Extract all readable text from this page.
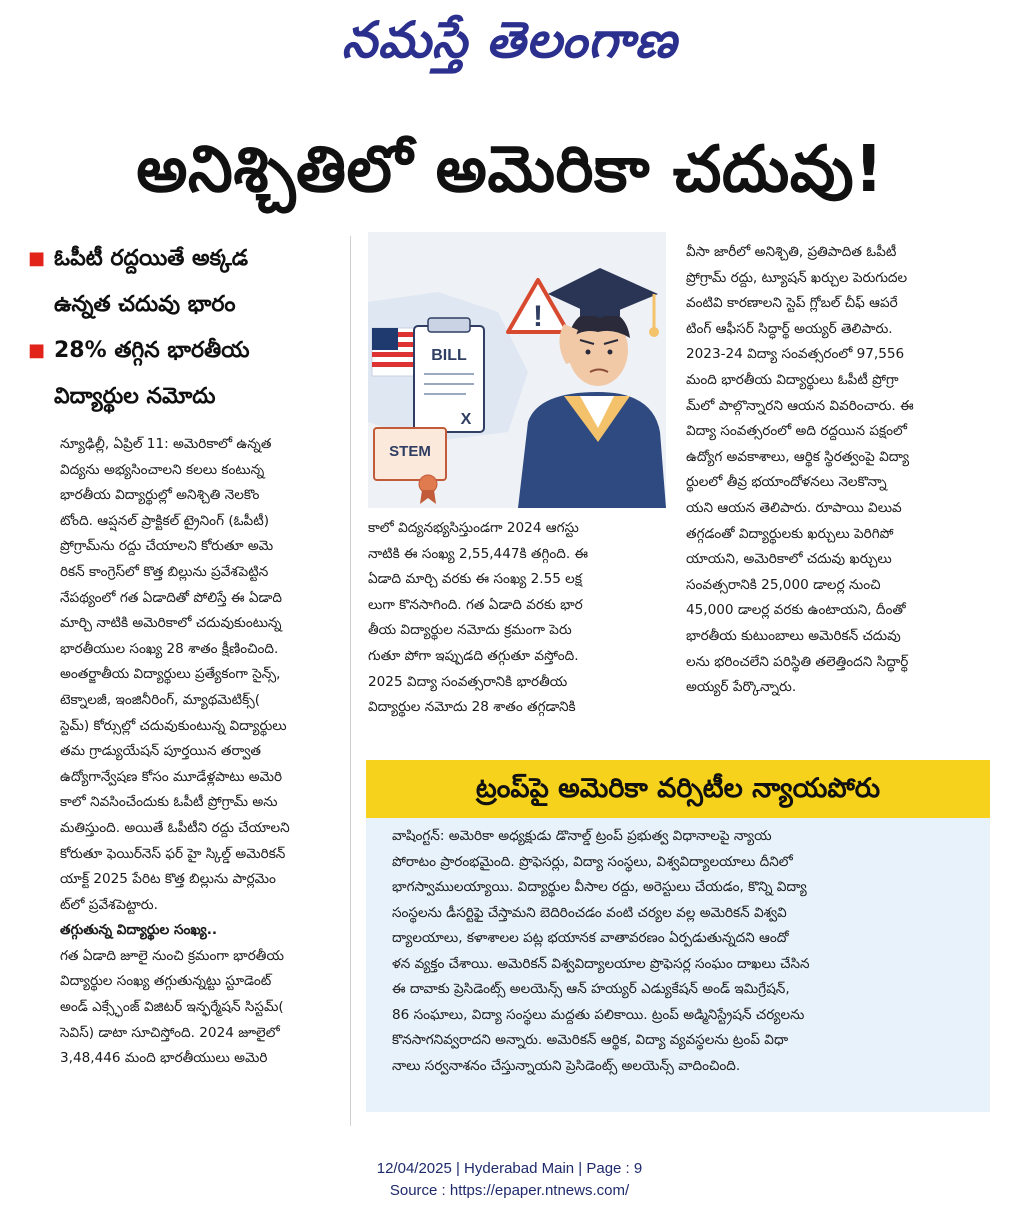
నమస్తే తెలంగాణ
అనిశ్చితిలో అమెరికా చదువు!
■ ఓపీటీ రద్దయితే అక్కడ
ఉన్నత చదువు భారం
■ 28% తగ్గిన భారతీయ
విద్యార్థుల నమోదు
BILL
X
STEM
!

న్యూఢిల్లీ, ఏప్రిల్ 11: అమెరికాలో ఉన్నత

విద్యను అభ్యసించాలని కలలు కంటున్న

భారతీయ విద్యార్థుల్లో అనిశ్చితి నెలకొం

టోంది. ఆప్షనల్ ప్రాక్టికల్ ట్రైనింగ్ (ఓపీటీ)

ప్రోగ్రామ్‌ను రద్దు చేయాలని కోరుతూ అమె

రికన్ కాంగ్రెస్‌లో కొత్త బిల్లును ప్రవేశపెట్టిన

నేపథ్యంలో గత ఏడాదితో పోలిస్తే ఈ ఏడాది

మార్చి నాటికి అమెరికాలో చదువుకుంటున్న

భారతీయుల సంఖ్య 28 శాతం క్షీణించింది.

అంతర్జాతీయ విద్యార్థులు ప్రత్యేకంగా సైన్స్,

టెక్నాలజీ, ఇంజినీరింగ్, మ్యాథమెటిక్స్(

స్టెమ్) కోర్సుల్లో చదువుకుంటున్న విద్యార్థులు

తమ గ్రాడ్యుయేషన్ పూర్తయిన తర్వాత

ఉద్యోగాన్వేషణ కోసం మూడేళ్లపాటు అమెరి

కాలో నివసించేందుకు ఓపీటీ ప్రోగ్రామ్ అను

మతిస్తుంది. అయితే ఓపీటీని రద్దు చేయాలని

కోరుతూ ఫెయిర్‌నెస్ ఫర్ హై స్కిల్డ్ అమెరికన్

యాక్ట్ 2025 పేరిట కొత్త బిల్లును పార్లమెం

ట్‌లో ప్రవేశపెట్టారు.

తగ్గుతున్న విద్యార్థుల సంఖ్య..

గత ఏడాది జూలై నుంచి క్రమంగా భారతీయ

విద్యార్థుల సంఖ్య తగ్గుతున్నట్టు స్టూడెంట్

అండ్ ఎక్స్ఛేంజ్ విజిటర్ ఇన్ఫర్మేషన్ సిస్టమ్(

సెవిస్) డాటా సూచిస్తోంది. 2024 జూలైలో

3,48,446 మంది భారతీయులు అమెరి

కాలో విద్యనభ్యసిస్తుండగా 2024 ఆగస్టు

నాటికి ఈ సంఖ్య 2,55,447కి తగ్గింది. ఈ

ఏడాది మార్చి వరకు ఈ సంఖ్య 2.55 లక్ష

లుగా కొనసాగింది. గత ఏడాది వరకు భార

తీయ విద్యార్థుల నమోదు క్రమంగా పెరు

గుతూ పోగా ఇప్పుడది తగ్గుతూ వస్తోంది.

2025 విద్యా సంవత్సరానికి భారతీయ

విద్యార్థుల నమోదు 28 శాతం తగ్గడానికి

వీసా జారీలో అనిశ్చితి, ప్రతిపాదిత ఓపీటీ

ప్రోగ్రామ్ రద్దు, ట్యూషన్ ఖర్చుల పెరుగుదల

వంటివి కారణాలని స్టెప్ గ్లోబల్ చీఫ్ ఆపరే

టింగ్ ఆఫీసర్ సిద్ధార్థ్ అయ్యర్ తెలిపారు.

2023-24 విద్యా సంవత్సరంలో 97,556

మంది భారతీయ విద్యార్థులు ఓపీటీ ప్రోగ్రా

మ్‌లో పాల్గొన్నారని ఆయన వివరించారు. ఈ

విద్యా సంవత్సరంలో అది రద్దయిన పక్షంలో

ఉద్యోగ అవకాశాలు, ఆర్థిక స్థిరత్వంపై విద్యా

ర్థులలో తీవ్ర భయాందోళనలు నెలకొన్నా

యని ఆయన తెలిపారు. రూపాయి విలువ

తగ్గడంతో విద్యార్థులకు ఖర్చులు పెరిగిపో

యాయని, అమెరికాలో చదువు ఖర్చులు

సంవత్సరానికి 25,000 డాలర్ల నుంచి

45,000 డాలర్ల వరకు ఉంటాయని, దీంతో

భారతీయ కుటుంబాలు అమెరికన్ చదువు

లను భరించలేని పరిస్థితి తలెత్తిందని సిద్ధార్థ్

అయ్యర్ పేర్కొన్నారు.

ట్రంప్‌పై అమెరికా వర్సిటీల న్యాయపోరు
వాషింగ్టన్: అమెరికా అధ్యక్షుడు డొనాల్డ్ ట్రంప్ ప్రభుత్వ విధానాలపై న్యాయ
పోరాటం ప్రారంభమైంది. ప్రొఫెసర్లు, విద్యా సంస్థలు, విశ్వవిద్యాలయాలు దీనిలో
భాగస్వాములయ్యాయి. విద్యార్థుల వీసాల రద్దు, అరెస్టులు చేయడం, కొన్ని విద్యా
సంస్థలను డీసర్టిఫై చేస్తామని బెదిరించడం వంటి చర్యల వల్ల అమెరికన్ విశ్వవి
ద్యాలయాలు, కళాశాలల పట్ల భయానక వాతావరణం ఏర్పడుతున్నదని ఆందో
ళన వ్యక్తం చేశాయి. అమెరికన్ విశ్వవిద్యాలయాల ప్రొఫెసర్ల సంఘం దాఖలు చేసిన
ఈ దావాకు ప్రెసిడెంట్స్ అలయెన్స్ ఆన్ హయ్యర్ ఎడ్యుకేషన్ అండ్ ఇమిగ్రేషన్,
86 సంఘాలు, విద్యా సంస్థలు మద్దతు పలికాయి. ట్రంప్ అడ్మినిస్ట్రేషన్ చర్యలను
కొనసాగనివ్వరాదని అన్నారు. అమెరికన్ ఆర్థిక, విద్యా వ్యవస్థలను ట్రంప్ విధా
నాలు సర్వనాశనం చేస్తున్నాయని ప్రెసిడెంట్స్ అలయెన్స్ వాదించింది.
12/04/2025 | Hyderabad Main | Page : 9
Source : https://epaper.ntnews.com/
